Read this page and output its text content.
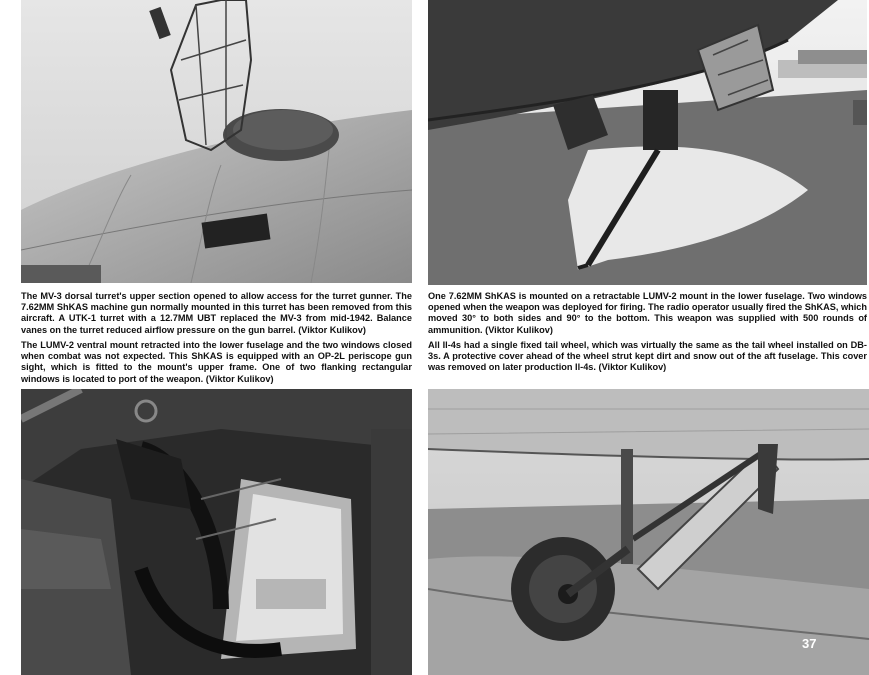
The MV-3 dorsal turret's upper section opened to allow access for the turret gunner. The 7.62MM ShKAS machine gun normally mounted in this turret has been removed from this aircraft. A UTK-1 turret with a 12.7MM UBT replaced the MV-3 from mid-1942. Balance vanes on the turret reduced airflow pressure on the gun barrel. (Viktor Kulikov)

One 7.62MM ShKAS is mounted on a retractable LUMV-2 mount in the lower fuselage. Two windows opened when the weapon was deployed for firing. The radio operator usually fired the ShKAS, which moved 30° to both sides and 90° to the bottom. This weapon was supplied with 500 rounds of ammunition. (Viktor Kulikov)

The LUMV-2 ventral mount retracted into the lower fuselage and the two windows closed when combat was not expected. This ShKAS is equipped with an OP-2L periscope gun sight, which is fitted to the mount's upper frame. One of two flanking rectangular windows is located to port of the weapon. (Viktor Kulikov)

All Il-4s had a single fixed tail wheel, which was virtually the same as the tail wheel installed on DB-3s. A protective cover ahead of the wheel strut kept dirt and snow out of the aft fuselage. This cover was removed on later production Il-4s. (Viktor Kulikov)

37
